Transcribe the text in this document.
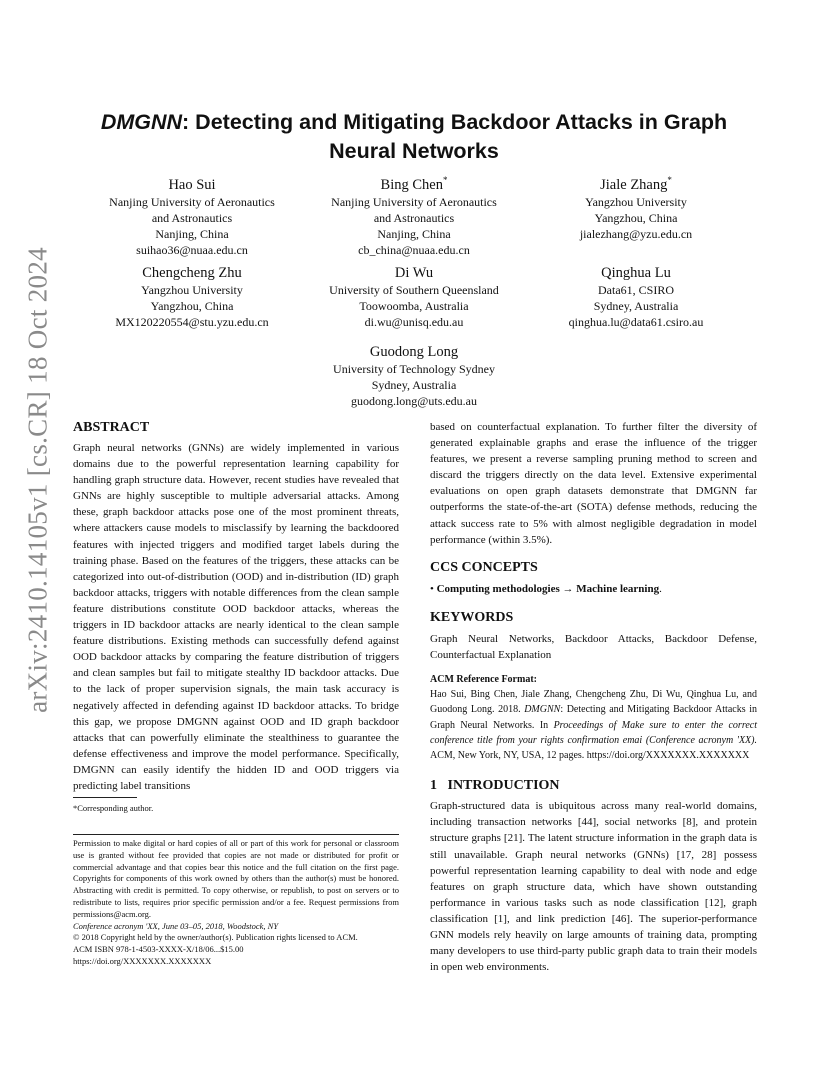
arXiv:2410.14105v1 [cs.CR] 18 Oct 2024
DMGNN: Detecting and Mitigating Backdoor Attacks in Graph
Neural Networks
Hao Sui
Nanjing University of Aeronautics
and Astronautics
Nanjing, China
suihao36@nuaa.edu.cn
Bing Chen*
Nanjing University of Aeronautics
and Astronautics
Nanjing, China
cb_china@nuaa.edu.cn
Jiale Zhang*
Yangzhou University
Yangzhou, China
jialezhang@yzu.edu.cn
Chengcheng Zhu
Yangzhou University
Yangzhou, China
MX120220554@stu.yzu.edu.cn
Di Wu
University of Southern Queensland
Toowoomba, Australia
di.wu@unisq.edu.au
Qinghua Lu
Data61, CSIRO
Sydney, Australia
qinghua.lu@data61.csiro.au
Guodong Long
University of Technology Sydney
Sydney, Australia
guodong.long@uts.edu.au
ABSTRACT

Graph neural networks (GNNs) are widely implemented in various domains due to the powerful representation learning capability for handling graph structure data. However, recent studies have revealed that GNNs are highly susceptible to multiple adversarial attacks. Among these, graph backdoor attacks pose one of the most prominent threats, where attackers cause models to misclassify by learning the backdoored features with injected triggers and modified target labels during the training phase. Based on the features of the triggers, these attacks can be categorized into out-of-distribution (OOD) and in-distribution (ID) graph backdoor attacks, triggers with notable differences from the clean sample feature distributions constitute OOD backdoor attacks, whereas the triggers in ID backdoor attacks are nearly identical to the clean sample feature distributions. Existing methods can successfully defend against OOD backdoor attacks by comparing the feature distribution of triggers and clean samples but fail to mitigate stealthy ID backdoor attacks. Due to the lack of proper supervision signals, the main task accuracy is negatively affected in defending against ID backdoor attacks. To bridge this gap, we propose DMGNN against OOD and ID graph backdoor attacks that can powerfully eliminate the stealthiness to guarantee the defense effectiveness and improve the model performance. Specifically, DMGNN can easily identify the hidden ID and OOD triggers via predicting label transitions

*Corresponding author.

Permission to make digital or hard copies of all or part of this work for personal or classroom use is granted without fee provided that copies are not made or distributed for profit or commercial advantage and that copies bear this notice and the full citation on the first page. Copyrights for components of this work owned by others than the author(s) must be honored. Abstracting with credit is permitted. To copy otherwise, or republish, to post on servers or to redistribute to lists, requires prior specific permission and/or a fee. Request permissions from permissions@acm.org.

Conference acronym 'XX, June 03–05, 2018, Woodstock, NY

© 2018 Copyright held by the owner/author(s). Publication rights licensed to ACM.

ACM ISBN 978-1-4503-XXXX-X/18/06...$15.00

https://doi.org/XXXXXXX.XXXXXXX

based on counterfactual explanation. To further filter the diversity of generated explainable graphs and erase the influence of the trigger features, we present a reverse sampling pruning method to screen and discard the triggers directly on the data level. Extensive experimental evaluations on open graph datasets demonstrate that DMGNN far outperforms the state-of-the-art (SOTA) defense methods, reducing the attack success rate to 5% with almost negligible degradation in model performance (within 3.5%).

CCS CONCEPTS

• Computing methodologies → Machine learning.

KEYWORDS

Graph Neural Networks, Backdoor Attacks, Backdoor Defense, Counterfactual Explanation

ACM Reference Format:
Hao Sui, Bing Chen, Jiale Zhang, Chengcheng Zhu, Di Wu, Qinghua Lu, and Guodong Long. 2018. DMGNN: Detecting and Mitigating Backdoor Attacks in Graph Neural Networks. In Proceedings of Make sure to enter the correct conference title from your rights confirmation emai (Conference acronym 'XX). ACM, New York, NY, USA, 12 pages. https://doi.org/XXXXXXX.XXXXXXX
1 INTRODUCTION

Graph-structured data is ubiquitous across many real-world domains, including transaction networks [44], social networks [8], and protein structure graphs [21]. The latent structure information in the graph data is still unavailable. Graph neural networks (GNNs) [17, 28] possess powerful representation learning capability to deal with node and edge features on graph structure data, which have shown outstanding performance in various tasks such as node classification [12], graph classification [1], and link prediction [46]. The superior-performance GNN models rely heavily on large amounts of training data, prompting many developers to use third-party public graph data to train their models in open web environments.
